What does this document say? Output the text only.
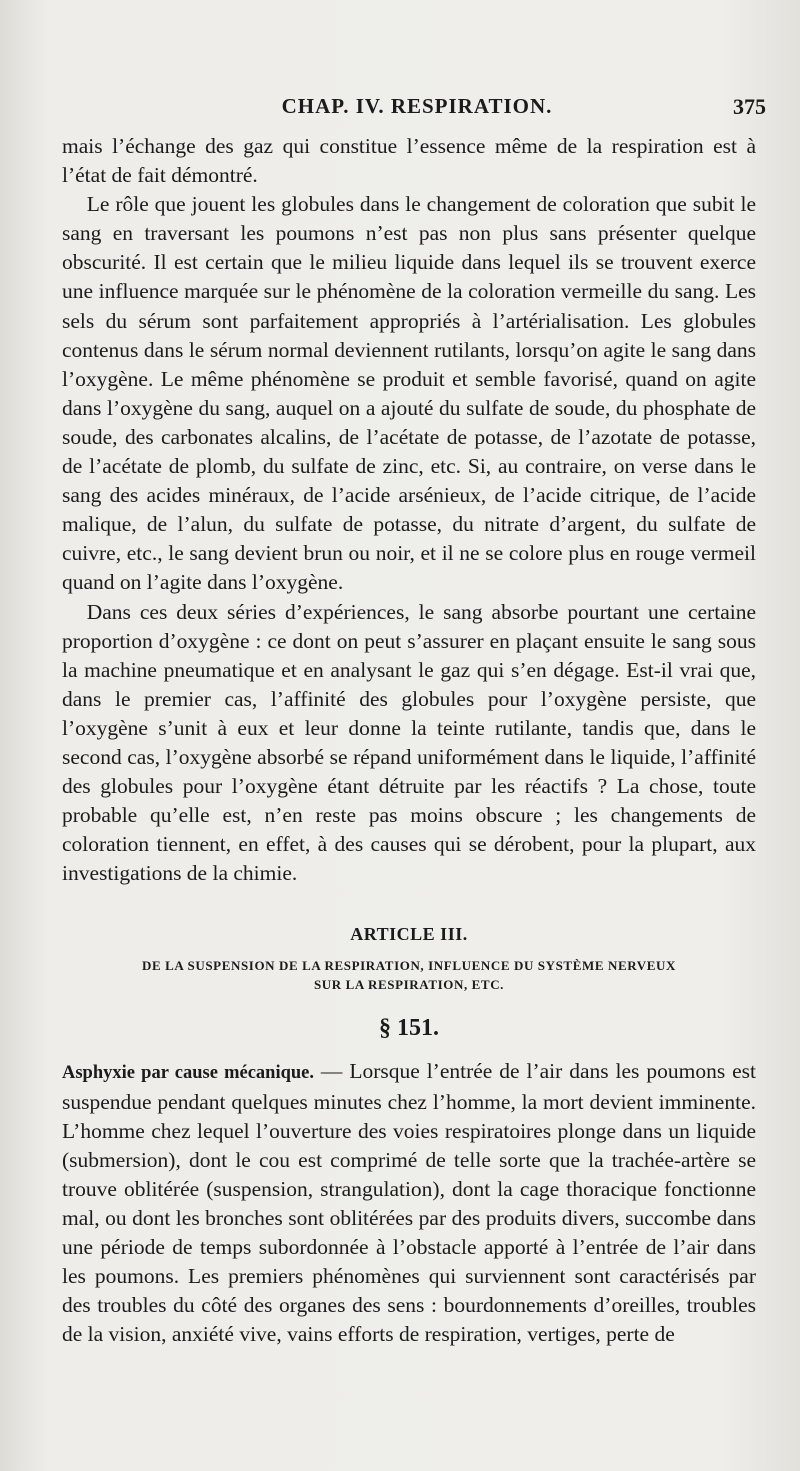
CHAP. IV. RESPIRATION.	375

mais l’échange des gaz qui constitue l’essence même de la respiration est à l’état de fait démontré.

Le rôle que jouent les globules dans le changement de coloration que subit le sang en traversant les poumons n’est pas non plus sans présenter quelque obscurité. Il est certain que le milieu liquide dans lequel ils se trouvent exerce une influence marquée sur le phénomène de la coloration vermeille du sang. Les sels du sérum sont parfaitement appropriés à l’artérialisation. Les globules contenus dans le sérum normal deviennent rutilants, lorsqu’on agite le sang dans l’oxygène. Le même phénomène se produit et semble favorisé, quand on agite dans l’oxygène du sang, auquel on a ajouté du sulfate de soude, du phosphate de soude, des carbonates alcalins, de l’acétate de potasse, de l’azotate de potasse, de l’acétate de plomb, du sulfate de zinc, etc. Si, au contraire, on verse dans le sang des acides minéraux, de l’acide arsénieux, de l’acide citrique, de l’acide malique, de l’alun, du sulfate de potasse, du nitrate d’argent, du sulfate de cuivre, etc., le sang devient brun ou noir, et il ne se colore plus en rouge vermeil quand on l’agite dans l’oxygène.

Dans ces deux séries d’expériences, le sang absorbe pourtant une certaine proportion d’oxygène : ce dont on peut s’assurer en plaçant ensuite le sang sous la machine pneumatique et en analysant le gaz qui s’en dégage. Est-il vrai que, dans le premier cas, l’affinité des globules pour l’oxygène persiste, que l’oxygène s’unit à eux et leur donne la teinte rutilante, tandis que, dans le second cas, l’oxygène absorbé se répand uniformément dans le liquide, l’affinité des globules pour l’oxygène étant détruite par les réactifs ? La chose, toute probable qu’elle est, n’en reste pas moins obscure ; les changements de coloration tiennent, en effet, à des causes qui se dérobent, pour la plupart, aux investigations de la chimie.

ARTICLE III.
DE LA SUSPENSION DE LA RESPIRATION, INFLUENCE DU SYSTÈME NERVEUX
SUR LA RESPIRATION, ETC.
§ 151.

Asphyxie par cause mécanique. — Lorsque l’entrée de l’air dans les poumons est suspendue pendant quelques minutes chez l’homme, la mort devient imminente. L’homme chez lequel l’ouverture des voies respiratoires plonge dans un liquide (submersion), dont le cou est comprimé de telle sorte que la trachée-artère se trouve oblitérée (suspension, strangulation), dont la cage thoracique fonctionne mal, ou dont les bronches sont oblitérées par des produits divers, succombe dans une période de temps subordonnée à l’obstacle apporté à l’entrée de l’air dans les poumons. Les premiers phénomènes qui surviennent sont caractérisés par des troubles du côté des organes des sens : bourdonnements d’oreilles, troubles de la vision, anxiété vive, vains efforts de respiration, vertiges, perte de
